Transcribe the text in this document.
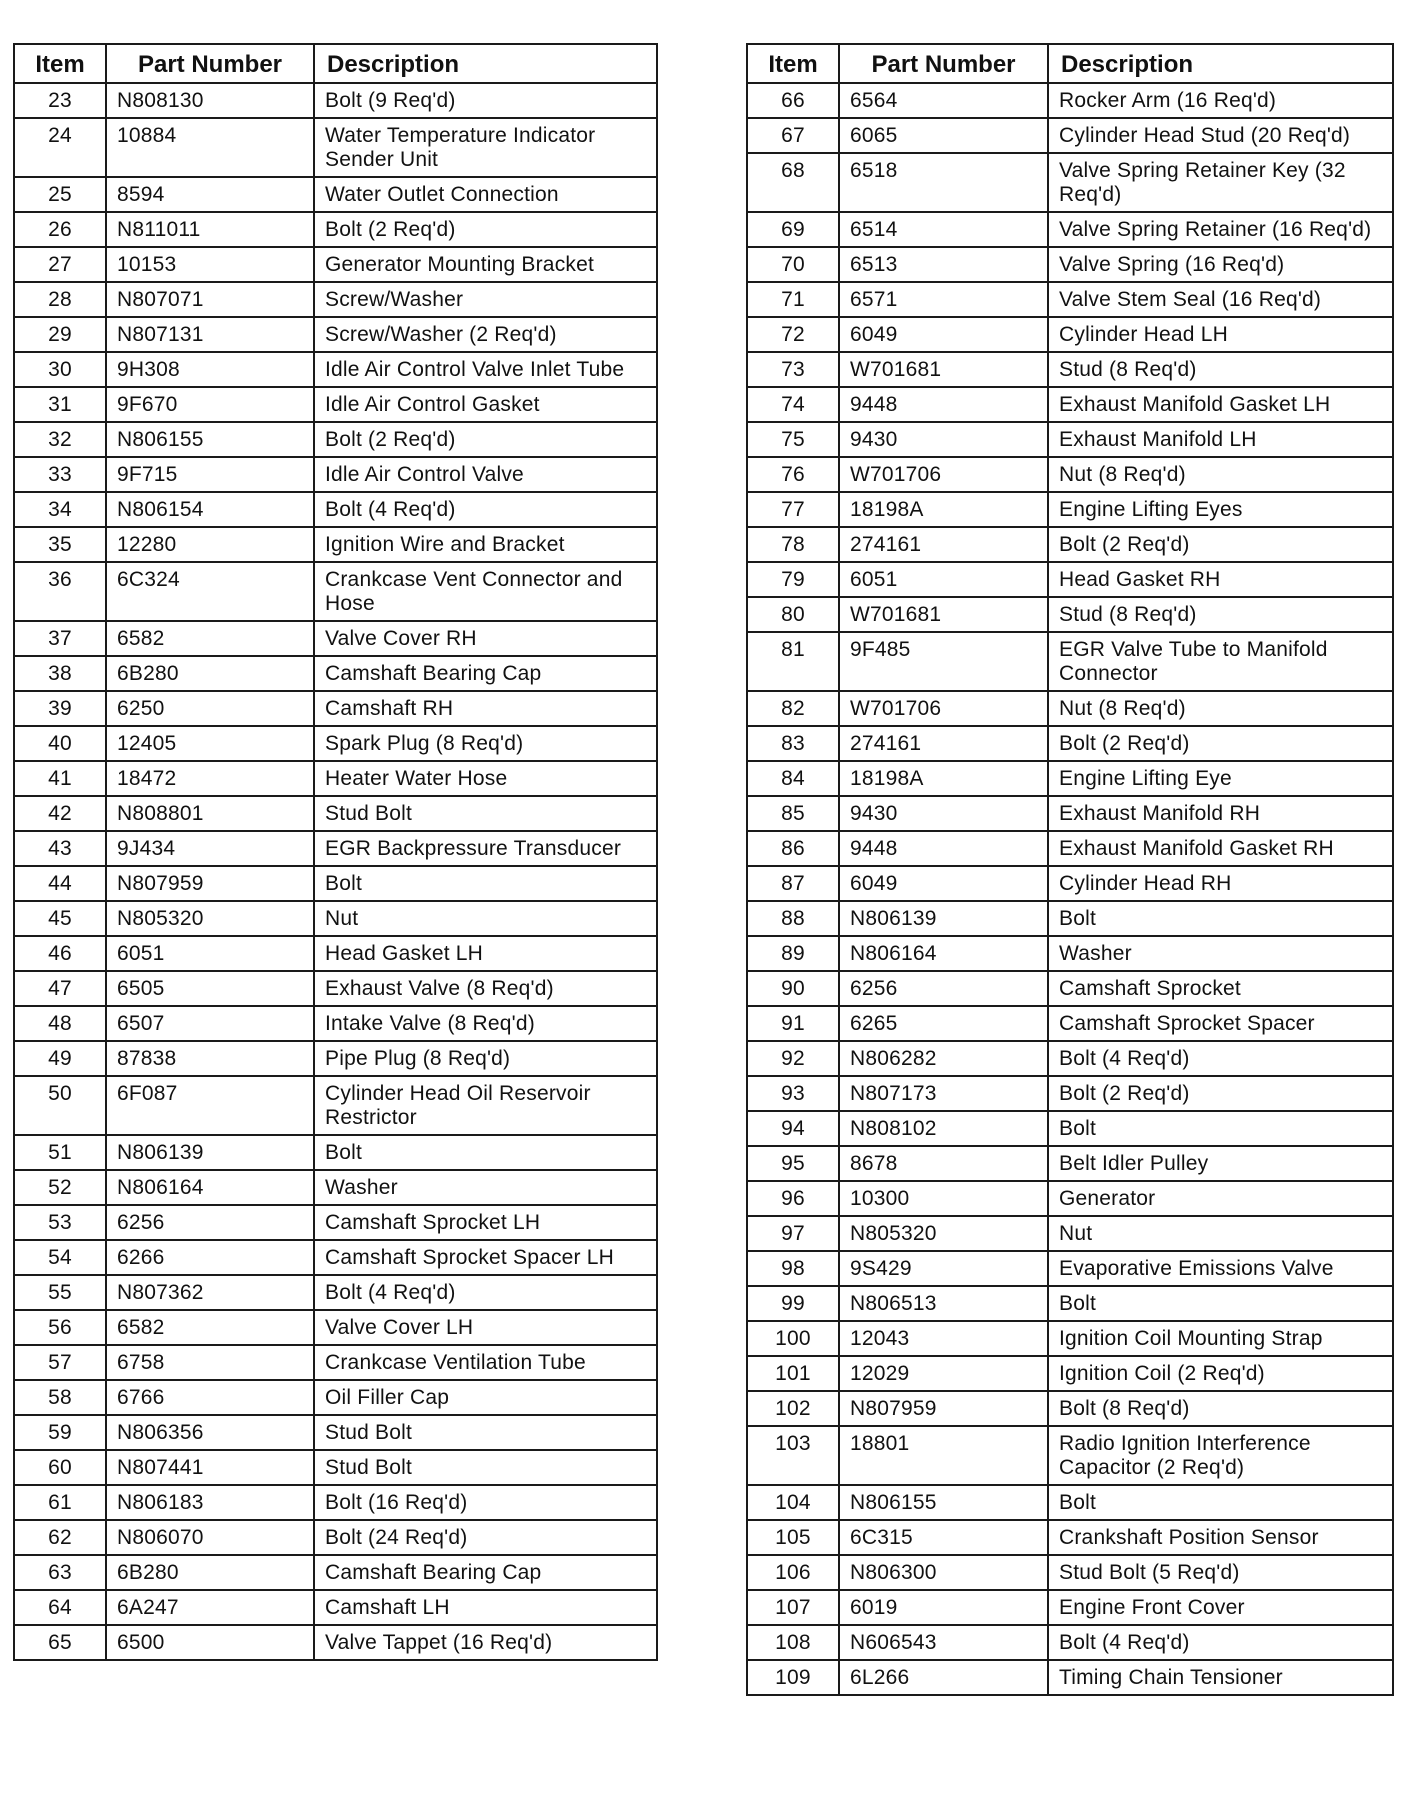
Item	Part Number	Description
23	N808130	Bolt (9 Req'd)
24	10884	Water Temperature Indicator Sender Unit
25	8594	Water Outlet Connection
26	N811011	Bolt (2 Req'd)
27	10153	Generator Mounting Bracket
28	N807071	Screw/Washer
29	N807131	Screw/Washer (2 Req'd)
30	9H308	Idle Air Control Valve Inlet Tube
31	9F670	Idle Air Control Gasket
32	N806155	Bolt (2 Req'd)
33	9F715	Idle Air Control Valve
34	N806154	Bolt (4 Req'd)
35	12280	Ignition Wire and Bracket
36	6C324	Crankcase Vent Connector and Hose
37	6582	Valve Cover RH
38	6B280	Camshaft Bearing Cap
39	6250	Camshaft RH
40	12405	Spark Plug (8 Req'd)
41	18472	Heater Water Hose
42	N808801	Stud Bolt
43	9J434	EGR Backpressure Transducer
44	N807959	Bolt
45	N805320	Nut
46	6051	Head Gasket LH
47	6505	Exhaust Valve (8 Req'd)
48	6507	Intake Valve (8 Req'd)
49	87838	Pipe Plug (8 Req'd)
50	6F087	Cylinder Head Oil Reservoir Restrictor
51	N806139	Bolt
52	N806164	Washer
53	6256	Camshaft Sprocket LH
54	6266	Camshaft Sprocket Spacer LH
55	N807362	Bolt (4 Req'd)
56	6582	Valve Cover LH
57	6758	Crankcase Ventilation Tube
58	6766	Oil Filler Cap
59	N806356	Stud Bolt
60	N807441	Stud Bolt
61	N806183	Bolt (16 Req'd)
62	N806070	Bolt (24 Req'd)
63	6B280	Camshaft Bearing Cap
64	6A247	Camshaft LH
65	6500	Valve Tappet (16 Req'd)
Item	Part Number	Description
66	6564	Rocker Arm (16 Req'd)
67	6065	Cylinder Head Stud (20 Req'd)
68	6518	Valve Spring Retainer Key (32 Req'd)
69	6514	Valve Spring Retainer (16 Req'd)
70	6513	Valve Spring (16 Req'd)
71	6571	Valve Stem Seal (16 Req'd)
72	6049	Cylinder Head LH
73	W701681	Stud (8 Req'd)
74	9448	Exhaust Manifold Gasket LH
75	9430	Exhaust Manifold LH
76	W701706	Nut (8 Req'd)
77	18198A	Engine Lifting Eyes
78	274161	Bolt (2 Req'd)
79	6051	Head Gasket RH
80	W701681	Stud (8 Req'd)
81	9F485	EGR Valve Tube to Manifold Connector
82	W701706	Nut (8 Req'd)
83	274161	Bolt (2 Req'd)
84	18198A	Engine Lifting Eye
85	9430	Exhaust Manifold RH
86	9448	Exhaust Manifold Gasket RH
87	6049	Cylinder Head RH
88	N806139	Bolt
89	N806164	Washer
90	6256	Camshaft Sprocket
91	6265	Camshaft Sprocket Spacer
92	N806282	Bolt (4 Req'd)
93	N807173	Bolt (2 Req'd)
94	N808102	Bolt
95	8678	Belt Idler Pulley
96	10300	Generator
97	N805320	Nut
98	9S429	Evaporative Emissions Valve
99	N806513	Bolt
100	12043	Ignition Coil Mounting Strap
101	12029	Ignition Coil (2 Req'd)
102	N807959	Bolt (8 Req'd)
103	18801	Radio Ignition Interference Capacitor (2 Req'd)
104	N806155	Bolt
105	6C315	Crankshaft Position Sensor
106	N806300	Stud Bolt (5 Req'd)
107	6019	Engine Front Cover
108	N606543	Bolt (4 Req'd)
109	6L266	Timing Chain Tensioner
